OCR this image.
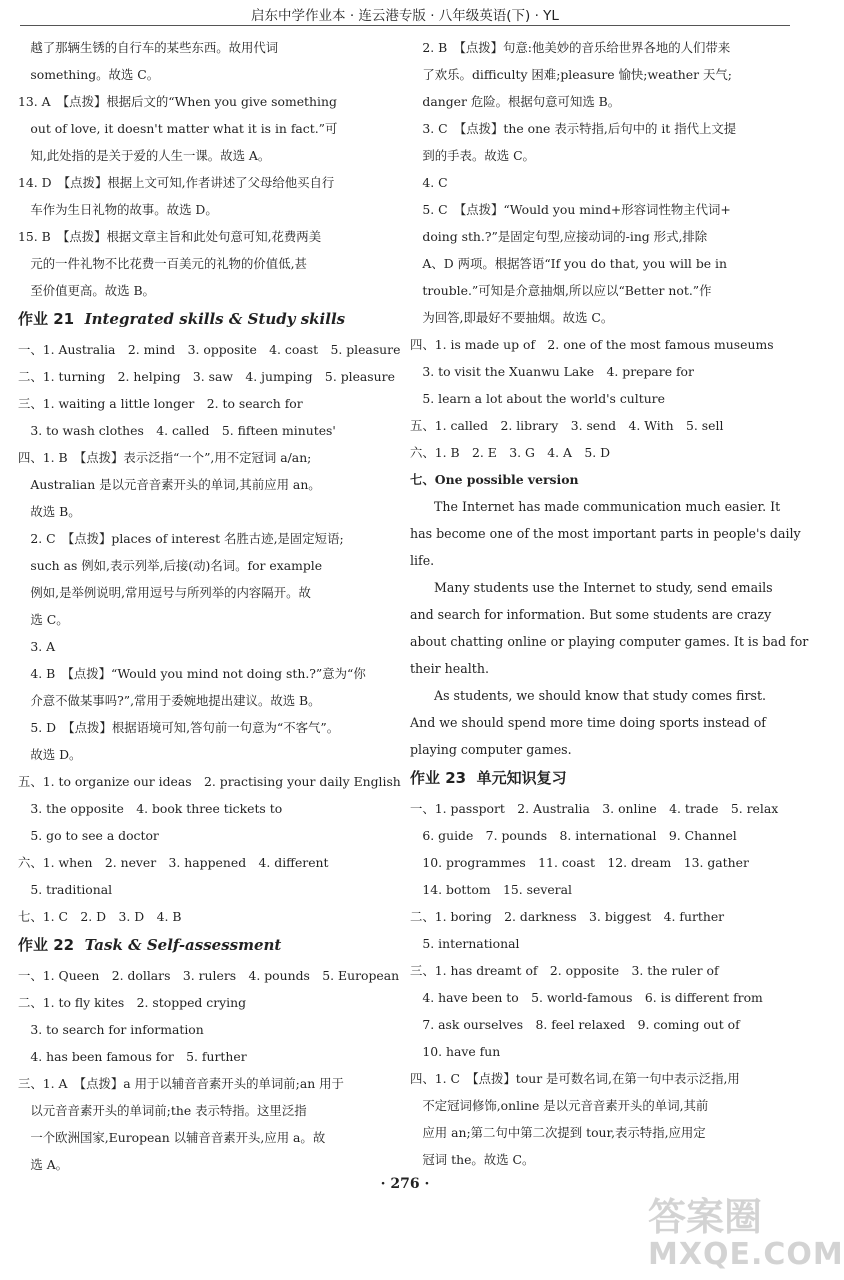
启东中学作业本 · 连云港专版 · 八年级英语(下) · YL
　越了那辆生锈的自行车的某些东西。故用代词
　something。故选 C。
13. A　【点拨】根据后文的“When you give something
　out of love, it doesn't matter what it is in fact.”可
　知,此处指的是关于爱的人生一课。故选 A。
14. D　【点拨】根据上文可知,作者讲述了父母给他买自行
　车作为生日礼物的故事。故选 D。
15. B　【点拨】根据文章主旨和此处句意可知,花费两美
　元的一件礼物不比花费一百美元的礼物的价值低,甚
　至价值更高。故选 B。
作业 21 Integrated skills & Study skills
一、1. Australia　2. mind　3. opposite　4. coast　5. pleasure
二、1. turning　2. helping　3. saw　4. jumping　5. pleasure
三、1. waiting a little longer　2. to search for
　3. to wash clothes　4. called　5. fifteen minutes'
四、1. B　【点拨】表示泛指“一个”,用不定冠词 a/an;
　Australian 是以元音音素开头的单词,其前应用 an。
　故选 B。
　2. C　【点拨】places of interest 名胜古迹,是固定短语;
　such as 例如,表示列举,后接(动)名词。for example
　例如,是举例说明,常用逗号与所列举的内容隔开。故
　选 C。
　3. A
　4. B　【点拨】“Would you mind not doing sth.?”意为“你
　介意不做某事吗?”,常用于委婉地提出建议。故选 B。
　5. D　【点拨】根据语境可知,答句前一句意为“不客气”。
　故选 D。
五、1. to organize our ideas　2. practising your daily English
　3. the opposite　4. book three tickets to
　5. go to see a doctor
六、1. when　2. never　3. happened　4. different
　5. traditional
七、1. C　2. D　3. D　4. B
作业 22 Task & Self-assessment
一、1. Queen　2. dollars　3. rulers　4. pounds　5. European
二、1. to fly kites　2. stopped crying
　3. to search for information
　4. has been famous for　5. further
三、1. A　【点拨】a 用于以辅音音素开头的单词前;an 用于
　以元音音素开头的单词前;the 表示特指。这里泛指
　一个欧洲国家,European 以辅音音素开头,应用 a。故
　选 A。
　2. B　【点拨】句意:他美妙的音乐给世界各地的人们带来
　了欢乐。difficulty 困难;pleasure 愉快;weather 天气;
　danger 危险。根据句意可知选 B。
　3. C　【点拨】the one 表示特指,后句中的 it 指代上文提
　到的手表。故选 C。
　4. C
　5. C　【点拨】“Would you mind+形容词性物主代词+
　doing sth.?”是固定句型,应接动词的-ing 形式,排除
　A、D 两项。根据答语“If you do that, you will be in
　trouble.”可知是介意抽烟,所以应以“Better not.”作
　为回答,即最好不要抽烟。故选 C。
四、1. is made up of　2. one of the most famous museums
　3. to visit the Xuanwu Lake　4. prepare for
　5. learn a lot about the world's culture
五、1. called　2. library　3. send　4. With　5. sell
六、1. B　2. E　3. G　4. A　5. D
七、One possible version
The Internet has made communication much easier. It
has become one of the most important parts in people's daily
life.
Many students use the Internet to study, send emails
and search for information. But some students are crazy
about chatting online or playing computer games. It is bad for
their health.
As students, we should know that study comes first.
And we should spend more time doing sports instead of
playing computer games.
作业 23 单元知识复习
一、1. passport　2. Australia　3. online　4. trade　5. relax
　6. guide　7. pounds　8. international　9. Channel
　10. programmes　11. coast　12. dream　13. gather
　14. bottom　15. several
二、1. boring　2. darkness　3. biggest　4. further
　5. international
三、1. has dreamt of　2. opposite　3. the ruler of
　4. have been to　5. world-famous　6. is different from
　7. ask ourselves　8. feel relaxed　9. coming out of
　10. have fun
四、1. C　【点拨】tour 是可数名词,在第一句中表示泛指,用
　不定冠词修饰,online 是以元音音素开头的单词,其前
　应用 an;第二句中第二次提到 tour,表示特指,应用定
　冠词 the。故选 C。
· 276 ·
答案圈
MXQE.COM
